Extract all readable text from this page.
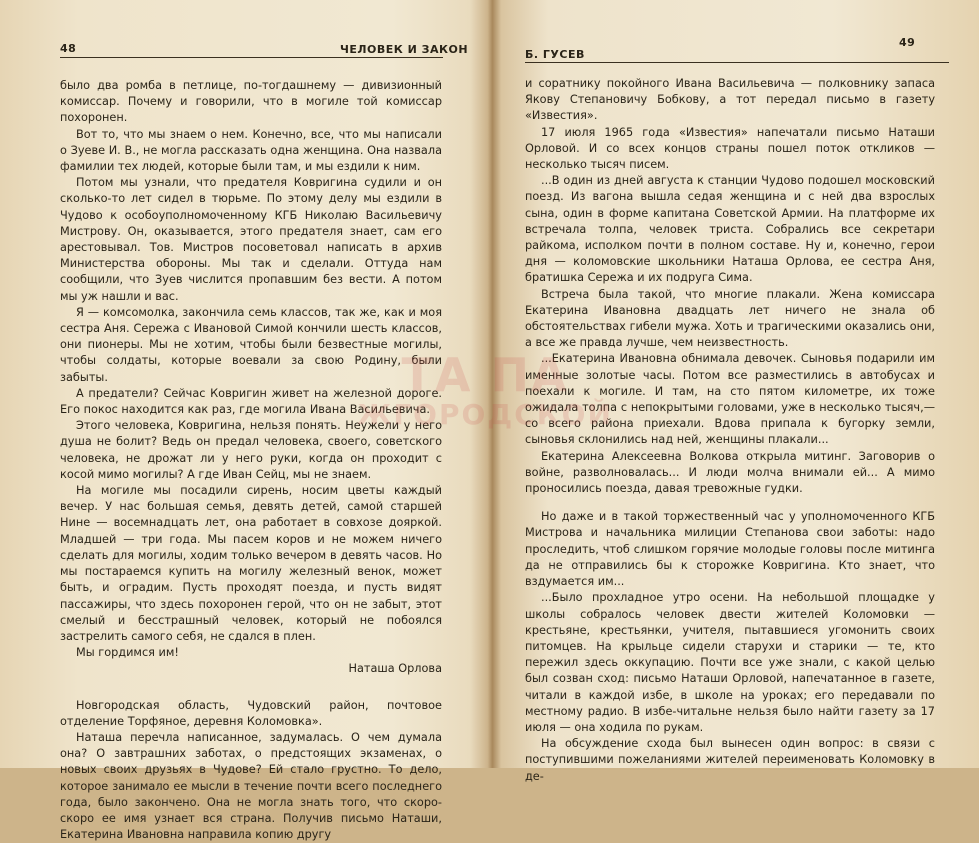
48	ЧЕЛОВЕК И ЗАКОН

было два ромба в петлице, по-тогдашнему — дивизионный комиссар. Почему и говорили, что в могиле той комиссар похоронен.

Вот то, что мы знаем о нем. Конечно, все, что мы написали о Зуеве И. В., не могла рассказать одна женщина. Она назвала фамилии тех людей, которые были там, и мы ездили к ним.

Потом мы узнали, что предателя Ковригина судили и он сколько-то лет сидел в тюрьме. По этому делу мы ездили в Чудово к особоуполномоченному КГБ Николаю Васильевичу Мистрову. Он, оказывается, этого предателя знает, сам его арестовывал. Тов. Мистров посоветовал написать в архив Министерства обороны. Мы так и сделали. Оттуда нам сообщили, что Зуев числится пропавшим без вести. А потом мы уж нашли и вас.

Я — комсомолка, закончила семь классов, так же, как и моя сестра Аня. Сережа с Ивановой Симой кончили шесть классов, они пионеры. Мы не хотим, чтобы были безвестные могилы, чтобы солдаты, которые воевали за свою Родину, были забыты.

А предатели? Сейчас Ковригин живет на железной дороге. Его покос находится как раз, где могила Ивана Васильевича.

Этого человека, Ковригина, нельзя понять. Неужели у него душа не болит? Ведь он предал человека, своего, советского человека, не дрожат ли у него руки, когда он проходит с косой мимо могилы? А где Иван Сейц, мы не знаем.

На могиле мы посадили сирень, носим цветы каждый вечер. У нас большая семья, девять детей, самой старшей Нине — восемнадцать лет, она работает в совхозе дояркой. Младшей — три года. Мы пасем коров и не можем ничего сделать для могилы, ходим только вечером в девять часов. Но мы постараемся купить на могилу железный венок, может быть, и оградим. Пусть проходят поезда, и пусть видят пассажиры, что здесь похоронен герой, что он не забыт, этот смелый и бесстрашный человек, который не побоялся застрелить самого себя, не сдался в плен.

Мы гордимся им!

Наташа Орлова

Новгородская область, Чудовский район, почтовое отделение Торфяное, деревня Коломовка».

Наташа перечла написанное, задумалась. О чем думала она? О завтрашних заботах, о предстоящих экзаменах, о новых своих друзьях в Чудове? Ей стало грустно. То дело, которое занимало ее мысли в течение почти всего последнего года, было закончено. Она не могла знать того, что скоро-скоро ее имя узнает вся страна. Получив письмо Наташи, Екатерина Ивановна направила копию другу

Б. ГУСЕВ
49

и соратнику покойного Ивана Васильевича — полковнику запаса Якову Степановичу Бобкову, а тот передал письмо в газету «Известия».

17 июля 1965 года «Известия» напечатали письмо Наташи Орловой. И со всех концов страны пошел поток откликов — несколько тысяч писем.

...В один из дней августа к станции Чудово подошел московский поезд. Из вагона вышла седая женщина и с ней два взрослых сына, один в форме капитана Советской Армии. На платформе их встречала толпа, человек триста. Собрались все секретари райкома, исполком почти в полном составе. Ну и, конечно, герои дня — коломовские школьники Наташа Орлова, ее сестра Аня, братишка Сережа и их подруга Сима.

Встреча была такой, что многие плакали. Жена комиссара Екатерина Ивановна двадцать лет ничего не знала об обстоятельствах гибели мужа. Хоть и трагическими оказались они, а все же правда лучше, чем неизвестность.

...Екатерина Ивановна обнимала девочек. Сыновья подарили им именные золотые часы. Потом все разместились в автобусах и поехали к могиле. И там, на сто пятом километре, их тоже ожидала толпа с непокрытыми головами, уже в несколько тысяч,— со всего района приехали. Вдова припала к бугорку земли, сыновья склонились над ней, женщины плакали...

Екатерина Алексеевна Волкова открыла митинг. Заговорив о войне, разволновалась... И люди молча внимали ей... А мимо проносились поезда, давая тревожные гудки.

Но даже и в такой торжественный час у уполномоченного КГБ Мистрова и начальника милиции Степанова свои заботы: надо проследить, чтоб слишком горячие молодые головы после митинга да не отправились бы к сторожке Ковригина. Кто знает, что вздумается им...

...Было прохладное утро осени. На небольшой площадке у школы собралось человек двести жителей Коломовки — крестьяне, крестьянки, учителя, пытавшиеся угомонить своих питомцев. На крыльце сидели старухи и старики — те, кто пережил здесь оккупацию. Почти все уже знали, с какой целью был созван сход: письмо Наташи Орловой, напечатанное в газете, читали в каждой избе, в школе на уроках; его передавали по местному радио. В избе-читальне нельзя было найти газету за 17 июля — она ходила по рукам.

На обсуждение схода был вынесен один вопрос: в связи с поступившими пожеланиями жителей переименовать Коломовку в де-

ТА ПА
ЖГОРОДСКОЙ
